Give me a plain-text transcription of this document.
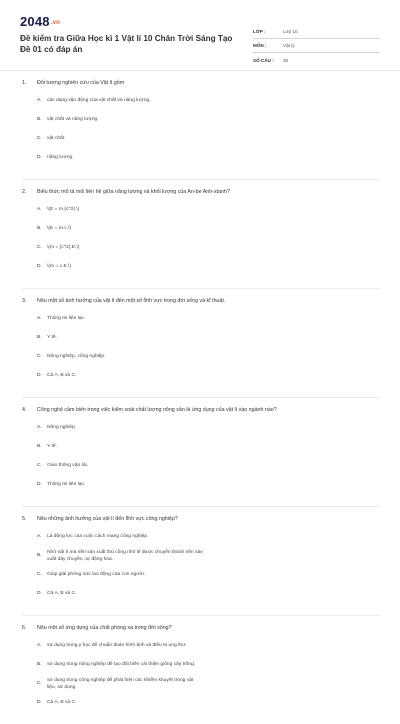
2048.vn
Đề kiểm tra Giữa Học kì 1 Vật lí 10 Chân Trời Sáng Tạo Đề 01 có đáp án
LỚP :	Lớp 10
MÔN :	Vật lý
SỐ CÂU :	30
1.	Đối tượng nghiên cứu của Vật lí gồm
A.	các dạng vận động của vật chất và năng lượng.
B.	vật chất và năng lượng.
C.	vật chất.
D.	năng lượng.
2.	Biểu thức mô tả mối liên hệ giữa năng lượng và khối lượng của An-be Anh-xtanh?
A.	\(E = m.{c^2}.\)
B.	\(E = m.c.\)
C.	\(m = {c^2}.E.\)
D.	\(m = c.E.\)
3.	Nêu một số ảnh hưởng của vật lí đến một số lĩnh vực trong đời sống và kĩ thuật.
A.	Thông tin liên lạc.
B.	Y tế.
C.	Nông nghiệp, công nghiệp.
D.	Cả A, B và C.
4.	Công nghệ cảm biến trong việc kiểm soát chất lượng nông sản là ứng dụng của vật lí vào ngành nào?
A.	Nông nghiệp.
B.	Y tế.
C.	Giao thông vận tải.
D.	Thông tin liên lạc.
5.	Nêu những ảnh hưởng của vật lí đến lĩnh vực công nghiệp?
A.	Là động lực của cuộc cách mạng công nghiệp.
B.
Nhờ vật lí mà nền sản xuất thủ công nhỏ lẻ được chuyển thành nền sản xuất dây chuyền, tự động hóa.
C.	Giúp giải phóng sức lao động của con người.
D.	Cả A, B và C.
6.	Nêu một số ứng dụng của chất phóng xạ trong đời sống?
A.	sử dụng trong y học để chuẩn đoán hình ảnh và điều trị ung thư.
B.	sử dụng trong nông nghiệp để tạo đột biến cải thiện giống cây trồng.
C.
sử dụng trong công nghiệp để phát hiện các khiếm khuyết trong vật liệu, sử dụng
D.	Cả A, B và C.
